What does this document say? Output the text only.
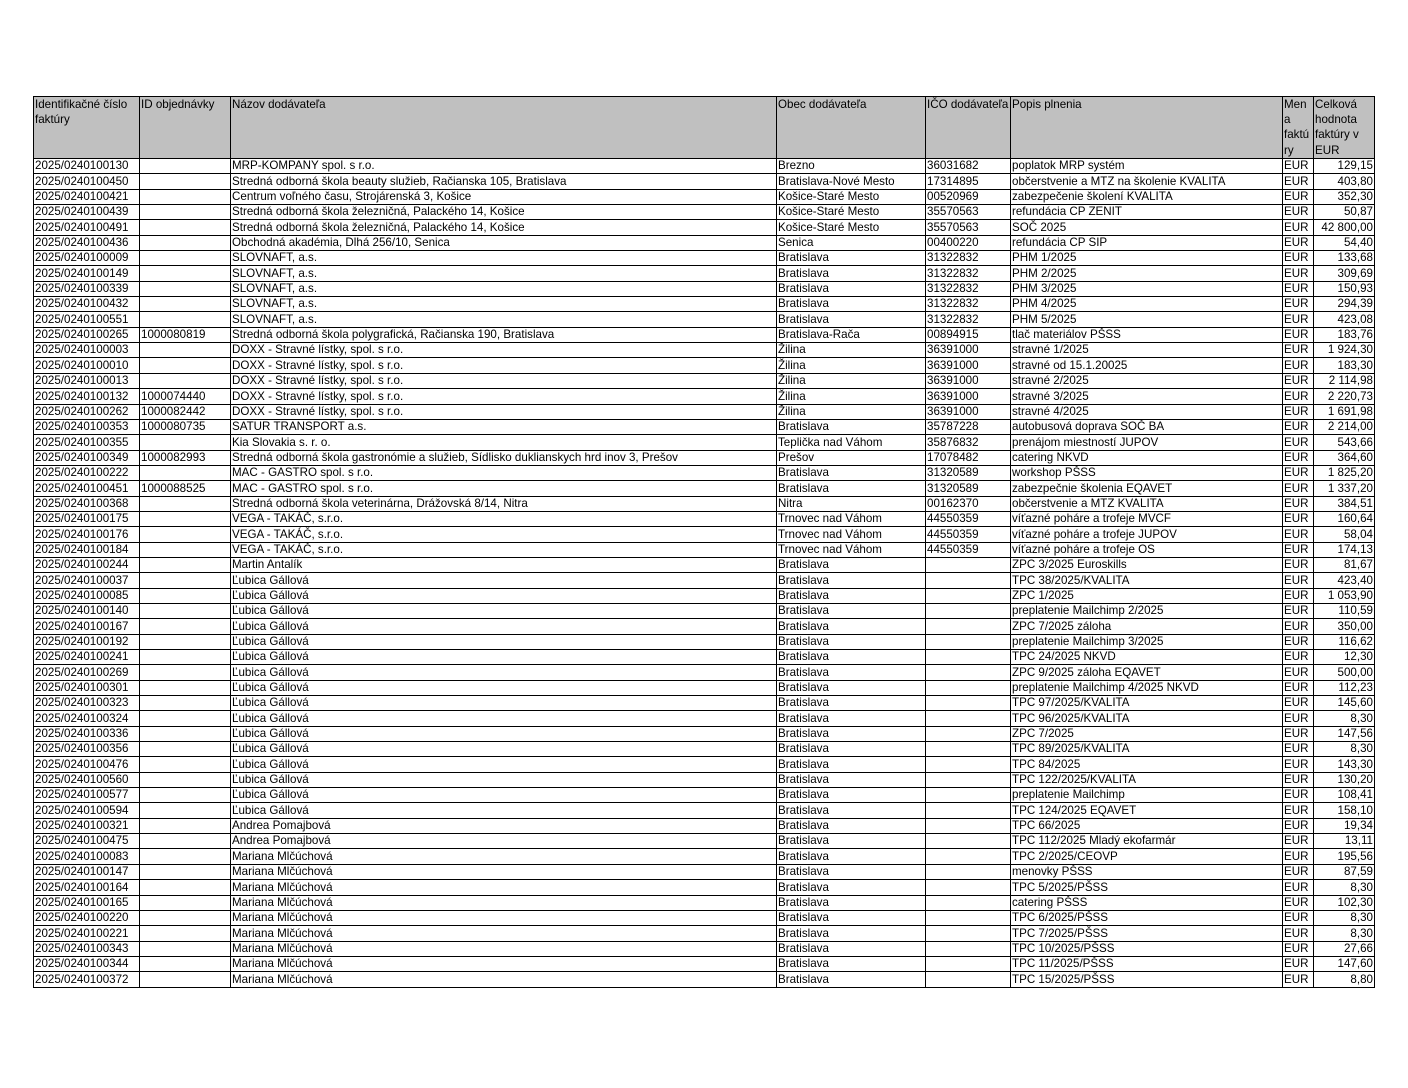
Identifikačné číslo faktúry	ID objednávky	Názov dodávateľa	Obec dodávateľa	IČO dodávateľa	Popis plnenia	Mena faktúry	Celková hodnota faktúry v EUR
2025/0240100130		MRP-KOMPANY spol. s r.o.	Brezno	36031682	poplatok MRP systém	EUR	129,15
2025/0240100450		Stredná odborná škola beauty služieb, Račianska 105, Bratislava	Bratislava-Nové Mesto	17314895	občerstvenie a MTZ na školenie KVALITA	EUR	403,80
2025/0240100421		Centrum voľného času, Strojárenská 3, Košice	Košice-Staré Mesto	00520969	zabezpečenie školení KVALITA	EUR	352,30
2025/0240100439		Stredná odborná škola železničná, Palackého 14, Košice	Košice-Staré Mesto	35570563	refundácia CP ZENIT	EUR	50,87
2025/0240100491		Stredná odborná škola železničná, Palackého 14, Košice	Košice-Staré Mesto	35570563	SOČ 2025	EUR	42 800,00
2025/0240100436		Obchodná akadémia, Dlhá 256/10, Senica	Senica	00400220	refundácia CP SIP	EUR	54,40
2025/0240100009		SLOVNAFT, a.s.	Bratislava	31322832	PHM 1/2025	EUR	133,68
2025/0240100149		SLOVNAFT, a.s.	Bratislava	31322832	PHM 2/2025	EUR	309,69
2025/0240100339		SLOVNAFT, a.s.	Bratislava	31322832	PHM 3/2025	EUR	150,93
2025/0240100432		SLOVNAFT, a.s.	Bratislava	31322832	PHM 4/2025	EUR	294,39
2025/0240100551		SLOVNAFT, a.s.	Bratislava	31322832	PHM 5/2025	EUR	423,08
2025/0240100265	1000080819	Stredná odborná škola polygrafická, Račianska 190, Bratislava	Bratislava-Rača	00894915	tlač materiálov PŠSS	EUR	183,76
2025/0240100003		DOXX - Stravné lístky, spol. s r.o.	Žilina	36391000	stravné 1/2025	EUR	1 924,30
2025/0240100010		DOXX - Stravné lístky, spol. s r.o.	Žilina	36391000	stravné od 15.1.20025	EUR	183,30
2025/0240100013		DOXX - Stravné lístky, spol. s r.o.	Žilina	36391000	stravné 2/2025	EUR	2 114,98
2025/0240100132	1000074440	DOXX - Stravné lístky, spol. s r.o.	Žilina	36391000	stravné 3/2025	EUR	2 220,73
2025/0240100262	1000082442	DOXX - Stravné lístky, spol. s r.o.	Žilina	36391000	stravné 4/2025	EUR	1 691,98
2025/0240100353	1000080735	SATUR TRANSPORT a.s.	Bratislava	35787228	autobusová doprava SOČ BA	EUR	2 214,00
2025/0240100355		Kia Slovakia s. r. o.	Teplička nad Váhom	35876832	prenájom miestností JUPOV	EUR	543,66
2025/0240100349	1000082993	Stredná odborná škola gastronómie a služieb, Sídlisko duklianskych hrd inov 3, Prešov	Prešov	17078482	catering NKVD	EUR	364,60
2025/0240100222		MAC - GASTRO spol. s r.o.	Bratislava	31320589	workshop PŠSS	EUR	1 825,20
2025/0240100451	1000088525	MAC - GASTRO spol. s r.o.	Bratislava	31320589	zabezpečnie školenia EQAVET	EUR	1 337,20
2025/0240100368		Stredná odborná škola veterinárna, Drážovská 8/14, Nitra	Nitra	00162370	občerstvenie a MTZ KVALITA	EUR	384,51
2025/0240100175		VEGA - TAKÁČ, s.r.o.	Trnovec nad Váhom	44550359	víťazné poháre a trofeje MVCF	EUR	160,64
2025/0240100176		VEGA - TAKÁČ, s.r.o.	Trnovec nad Váhom	44550359	víťazné poháre a trofeje JUPOV	EUR	58,04
2025/0240100184		VEGA - TAKÁČ, s.r.o.	Trnovec nad Váhom	44550359	víťazné poháre a trofeje OS	EUR	174,13
2025/0240100244		Martin Antalík	Bratislava		ZPC 3/2025 Euroskills	EUR	81,67
2025/0240100037		Ľubica Gállová	Bratislava		TPC 38/2025/KVALITA	EUR	423,40
2025/0240100085		Ľubica Gállová	Bratislava		ZPC 1/2025	EUR	1 053,90
2025/0240100140		Ľubica Gállová	Bratislava		preplatenie Mailchimp 2/2025	EUR	110,59
2025/0240100167		Ľubica Gállová	Bratislava		ZPC 7/2025 záloha	EUR	350,00
2025/0240100192		Ľubica Gállová	Bratislava		preplatenie Mailchimp 3/2025	EUR	116,62
2025/0240100241		Ľubica Gállová	Bratislava		TPC 24/2025 NKVD	EUR	12,30
2025/0240100269		Ľubica Gállová	Bratislava		ZPC 9/2025 záloha EQAVET	EUR	500,00
2025/0240100301		Ľubica Gállová	Bratislava		preplatenie Mailchimp 4/2025 NKVD	EUR	112,23
2025/0240100323		Ľubica Gállová	Bratislava		TPC 97/2025/KVALITA	EUR	145,60
2025/0240100324		Ľubica Gállová	Bratislava		TPC 96/2025/KVALITA	EUR	8,30
2025/0240100336		Ľubica Gállová	Bratislava		ZPC 7/2025	EUR	147,56
2025/0240100356		Ľubica Gállová	Bratislava		TPC 89/2025/KVALITA	EUR	8,30
2025/0240100476		Ľubica Gállová	Bratislava		TPC 84/2025	EUR	143,30
2025/0240100560		Ľubica Gállová	Bratislava		TPC 122/2025/KVALITA	EUR	130,20
2025/0240100577		Ľubica Gállová	Bratislava		preplatenie Mailchimp	EUR	108,41
2025/0240100594		Ľubica Gállová	Bratislava		TPC 124/2025 EQAVET	EUR	158,10
2025/0240100321		Andrea Pomajbová	Bratislava		TPC 66/2025	EUR	19,34
2025/0240100475		Andrea Pomajbová	Bratislava		TPC 112/2025 Mladý ekofarmár	EUR	13,11
2025/0240100083		Mariana Mlčúchová	Bratislava		TPC 2/2025/CEOVP	EUR	195,56
2025/0240100147		Mariana Mlčúchová	Bratislava		menovky PŠSS	EUR	87,59
2025/0240100164		Mariana Mlčúchová	Bratislava		TPC 5/2025/PŠSS	EUR	8,30
2025/0240100165		Mariana Mlčúchová	Bratislava		catering PŠSS	EUR	102,30
2025/0240100220		Mariana Mlčúchová	Bratislava		TPC 6/2025/PŠSS	EUR	8,30
2025/0240100221		Mariana Mlčúchová	Bratislava		TPC 7/2025/PŠSS	EUR	8,30
2025/0240100343		Mariana Mlčúchová	Bratislava		TPC 10/2025/PŠSS	EUR	27,66
2025/0240100344		Mariana Mlčúchová	Bratislava		TPC 11/2025/PŠSS	EUR	147,60
2025/0240100372		Mariana Mlčúchová	Bratislava		TPC 15/2025/PŠSS	EUR	8,80
